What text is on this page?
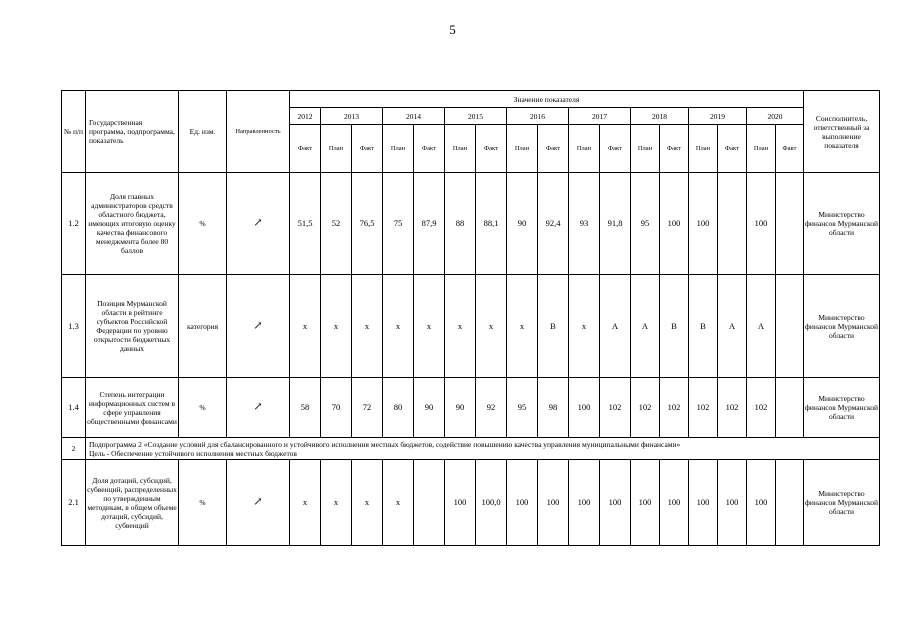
5
№ п/п	Государственная программа, подпрограмма, показатель	Ед. изм.	Направленность	Значение показателя																	Соисполнитель, ответственный за выполнение показателя
				2012	2013		2014		2015		2016		2017		2018		2019		2020		
				Факт	План	Факт	План	Факт	План	Факт	План	Факт	План	Факт	План	Факт	План	Факт	План	Факт	
1.2	Доля главных администраторов средств областного бюджета, имеющих итоговую оценку качества финансового менеджмента более 80 баллов	%	↗	51,5	52	76,5	75	87,9	88	88,1	90	92,4	93	91,8	95	100	100		100		Министерство финансов Мурманской области
1.3	Позиция Мурманской области в рейтинге субъектов Российской Федерации по уровню открытости бюджетных данных	категория	↗	х	х	х	х	х	х	х	х	В	х	А	А	В	В	А	А		Министерство финансов Мурманской области
1.4	Степень интеграции информационных систем в сфере управления общественными финансами	%	↗	58	70	72	80	90	90	92	95	98	100	102	102	102	102	102	102		Министерство финансов Мурманской области
2	Подпрограмма 2 «Создание условий для сбалансированного и устойчивого исполнения местных бюджетов, содействие повышению качества управления муниципальными финансами»
Цель - Обеспечение устойчивого исполнения местных бюджетов																				

2.1	Доля дотаций, субсидий, субвенций, распределенных по утвержденным методикам, в общем объеме дотаций, субсидий, субвенций	%	↗	х	х	х	х		100	100,0	100	100	100	100	100	100	100	100	100		Министерство финансов Мурманской области
